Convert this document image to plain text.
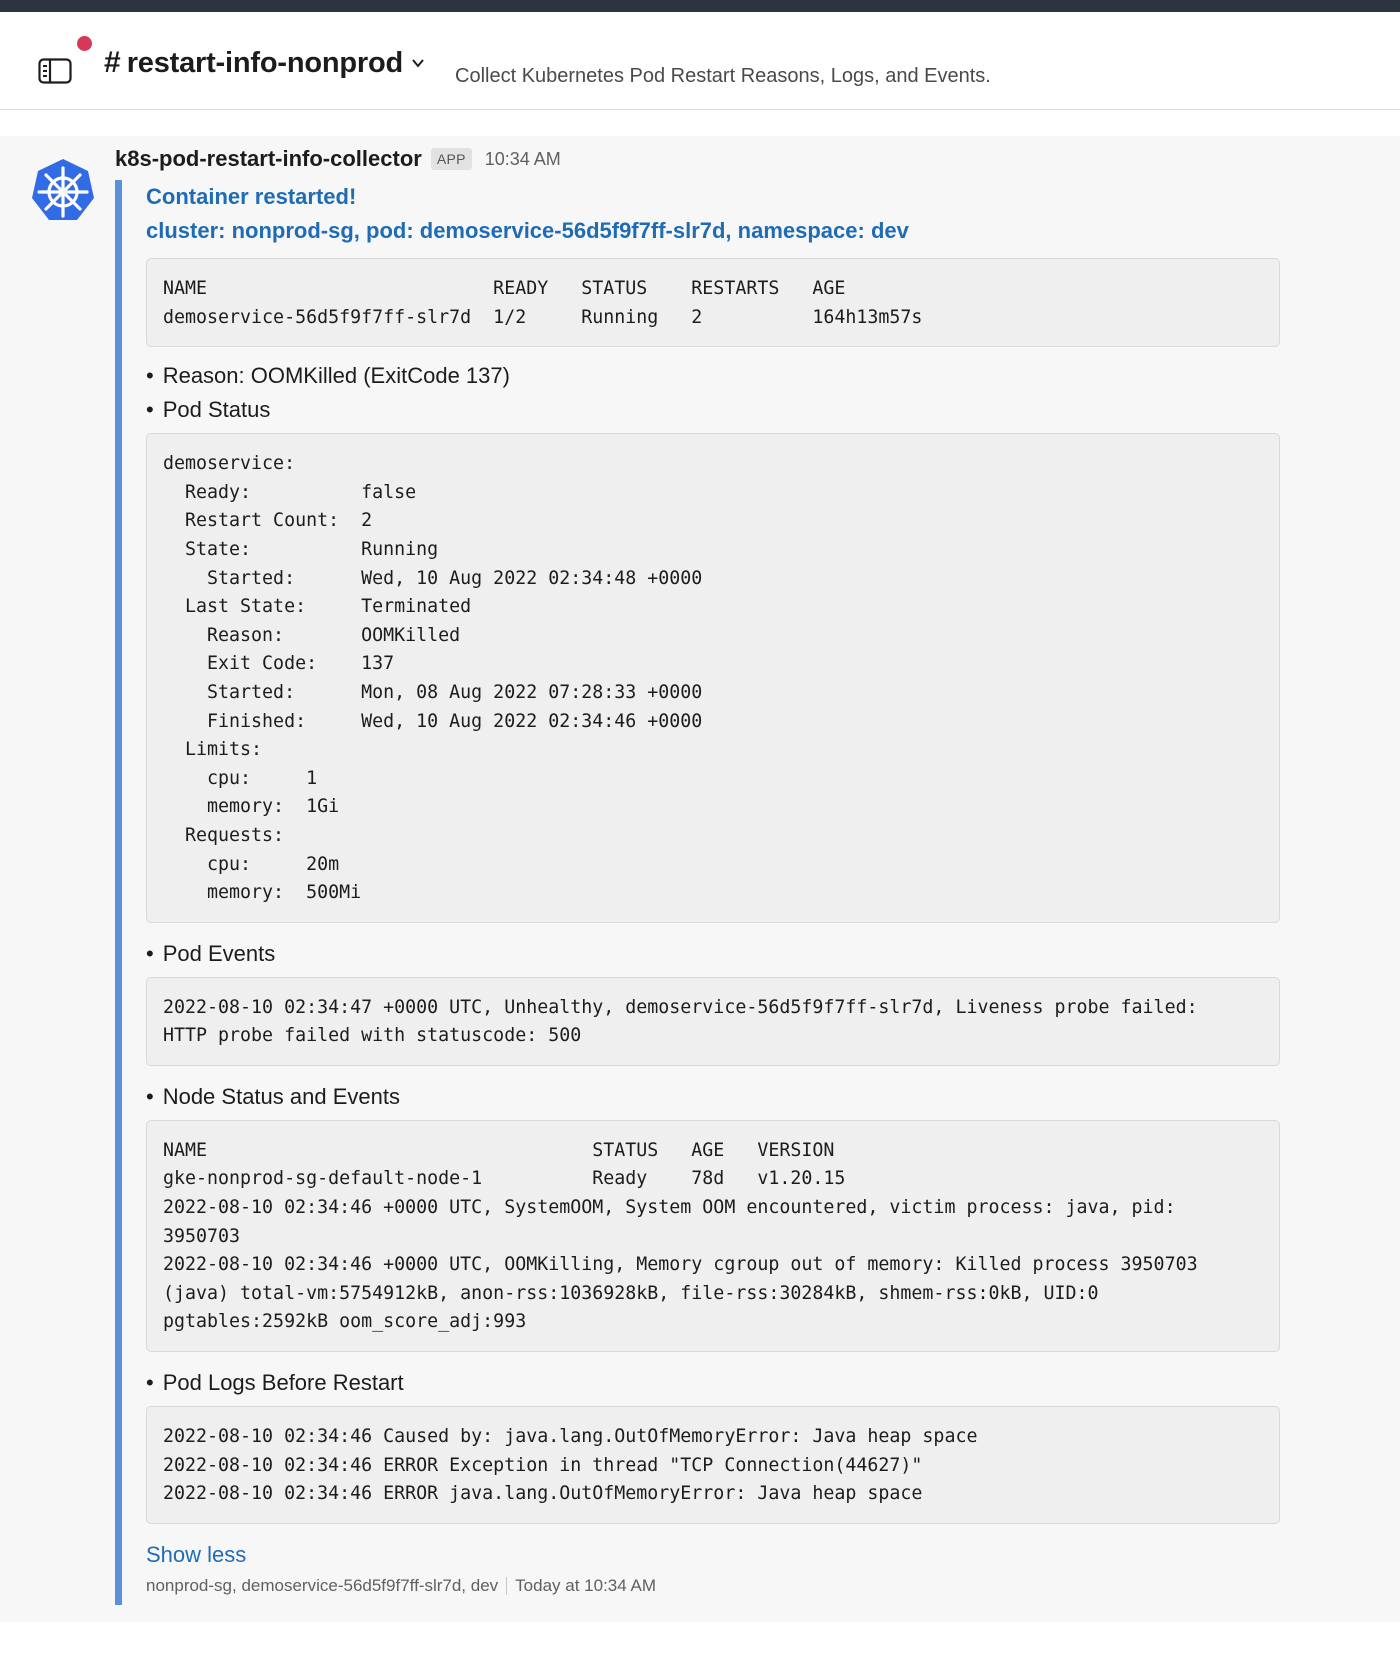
# restart-info-nonprod	Collect Kubernetes Pod Restart Reasons, Logs, and Events.
k8s-pod-restart-info-collector	APP	10:34 AM
Container restarted!
cluster: nonprod-sg, pod: demoservice-56d5f9f7ff-slr7d, namespace: dev
NAME                          READY   STATUS    RESTARTS   AGE
demoservice-56d5f9f7ff-slr7d  1/2     Running   2          164h13m57s
• Reason: OOMKilled (ExitCode 137)
• Pod Status
demoservice:
Ready:          false
Restart Count:  2
State:          Running
Started:      Wed, 10 Aug 2022 02:34:48 +0000
Last State:     Terminated
Reason:       OOMKilled
Exit Code:    137
Started:      Mon, 08 Aug 2022 07:28:33 +0000
Finished:     Wed, 10 Aug 2022 02:34:46 +0000
Limits:
cpu:     1
memory:  1Gi
Requests:
cpu:     20m
memory:  500Mi
• Pod Events
2022-08-10 02:34:47 +0000 UTC, Unhealthy, demoservice-56d5f9f7ff-slr7d, Liveness probe failed:
HTTP probe failed with statuscode: 500
• Node Status and Events
NAME                                   STATUS   AGE   VERSION
gke-nonprod-sg-default-node-1          Ready    78d   v1.20.15
2022-08-10 02:34:46 +0000 UTC, SystemOOM, System OOM encountered, victim process: java, pid:
3950703
2022-08-10 02:34:46 +0000 UTC, OOMKilling, Memory cgroup out of memory: Killed process 3950703
(java) total-vm:5754912kB, anon-rss:1036928kB, file-rss:30284kB, shmem-rss:0kB, UID:0
pgtables:2592kB oom_score_adj:993
• Pod Logs Before Restart
2022-08-10 02:34:46 Caused by: java.lang.OutOfMemoryError: Java heap space
2022-08-10 02:34:46 ERROR Exception in thread "TCP Connection(44627)"
2022-08-10 02:34:46 ERROR java.lang.OutOfMemoryError: Java heap space
Show less
nonprod-sg, demoservice-56d5f9f7ff-slr7d, dev Today at 10:34 AM
